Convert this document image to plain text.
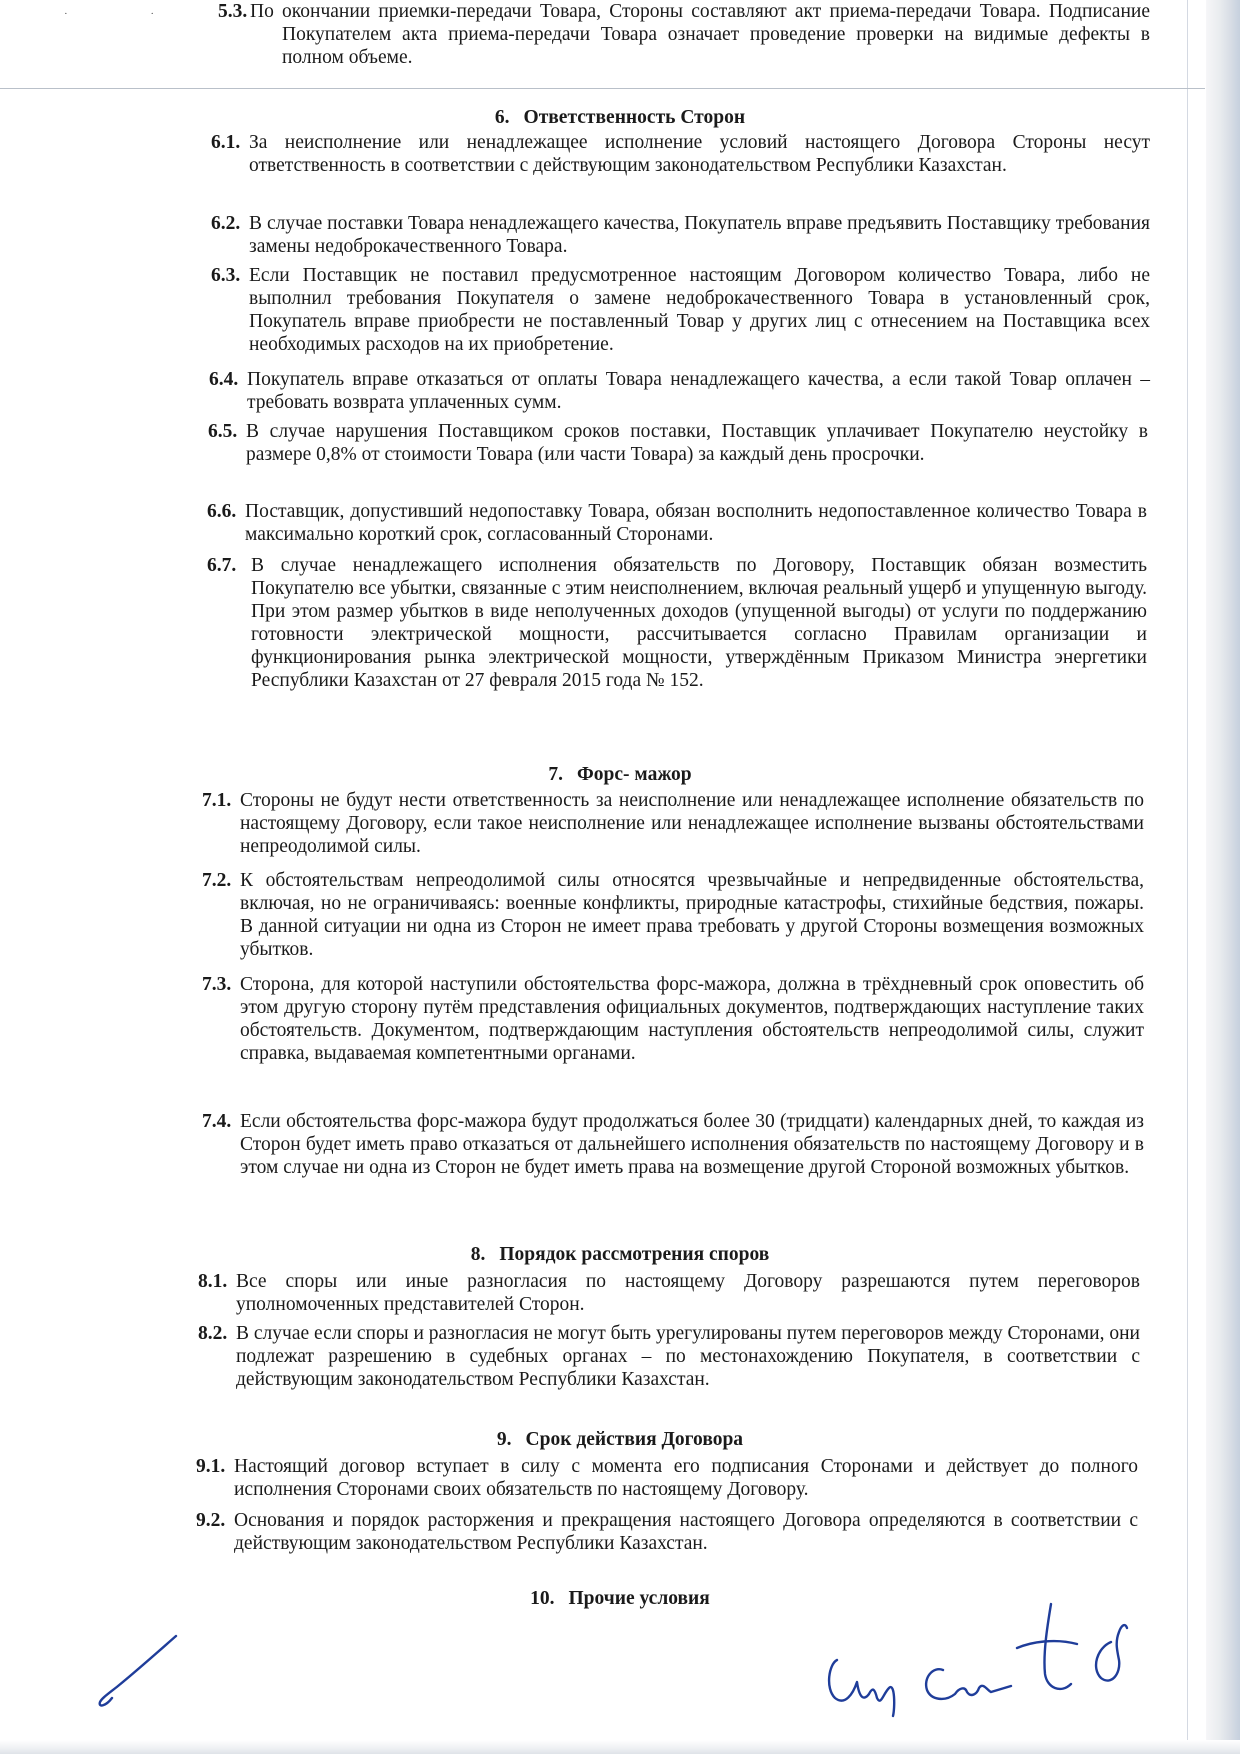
· · 5.3. По окончании приемки-передачи Товара, Стороны составляют акт приема-передачи Товара. Подписание Покупателем акта приема-передачи Товара означает проведение проверки на видимые дефекты в полном объеме.

6. Ответственность Сторон
6.1. За неисполнение или ненадлежащее исполнение условий настоящего Договора Стороны несут ответственность в соответствии с действующим законодательством Республики Казахстан.

6.2. В случае поставки Товара ненадлежащего качества, Покупатель вправе предъявить Поставщику требования замены недоброкачественного Товара.

6.3. Если Поставщик не поставил предусмотренное настоящим Договором количество Товара, либо не выполнил требования Покупателя о замене недоброкачественного Товара в установленный срок, Покупатель вправе приобрести не поставленный Товар у других лиц с отнесением на Поставщика всех необходимых расходов на их приобретение.

6.4. Покупатель вправе отказаться от оплаты Товара ненадлежащего качества, а если такой Товар оплачен – требовать возврата уплаченных сумм.

6.5. В случае нарушения Поставщиком сроков поставки, Поставщик уплачивает Покупателю неустойку в размере 0,8% от стоимости Товара (или части Товара) за каждый день просрочки.

6.6. Поставщик, допустивший недопоставку Товара, обязан восполнить недопоставленное количество Товара в максимально короткий срок, согласованный Сторонами.

6.7. В случае ненадлежащего исполнения обязательств по Договору, Поставщик обязан возместить Покупателю все убытки, связанные с этим неисполнением, включая реальный ущерб и упущенную выгоду. При этом размер убытков в виде неполученных доходов (упущенной выгоды) от услуги по поддержанию готовности электрической мощности, рассчитывается согласно Правилам организации и функционирования рынка электрической мощности, утверждённым Приказом Министра энергетики Республики Казахстан от 27 февраля 2015 года № 152.

7. Форс- мажор
7.1. Стороны не будут нести ответственность за неисполнение или ненадлежащее исполнение обязательств по настоящему Договору, если такое неисполнение или ненадлежащее исполнение вызваны обстоятельствами непреодолимой силы.

7.2. К обстоятельствам непреодолимой силы относятся чрезвычайные и непредвиденные обстоятельства, включая, но не ограничиваясь: военные конфликты, природные катастрофы, стихийные бедствия, пожары. В данной ситуации ни одна из Сторон не имеет права требовать у другой Стороны возмещения возможных убытков.

7.3. Сторона, для которой наступили обстоятельства форс-мажора, должна в трёхдневный срок оповестить об этом другую сторону путём представления официальных документов, подтверждающих наступление таких обстоятельств. Документом, подтверждающим наступления обстоятельств непреодолимой силы, служит справка, выдаваемая компетентными органами.

7.4. Если обстоятельства форс-мажора будут продолжаться более 30 (тридцати) календарных дней, то каждая из Сторон будет иметь право отказаться от дальнейшего исполнения обязательств по настоящему Договору и в этом случае ни одна из Сторон не будет иметь права на возмещение другой Стороной возможных убытков.

8. Порядок рассмотрения споров
8.1. Все споры или иные разногласия по настоящему Договору разрешаются путем переговоров уполномоченных представителей Сторон.

8.2. В случае если споры и разногласия не могут быть урегулированы путем переговоров между Сторонами, они подлежат разрешению в судебных органах – по местонахождению Покупателя, в соответствии с действующим законодательством Республики Казахстан.

9. Срок действия Договора
9.1. Настоящий договор вступает в силу с момента его подписания Сторонами и действует до полного исполнения Сторонами своих обязательств по настоящему Договору.

9.2. Основания и порядок расторжения и прекращения настоящего Договора определяются в соответствии с действующим законодательством Республики Казахстан.

10. Прочие условия
